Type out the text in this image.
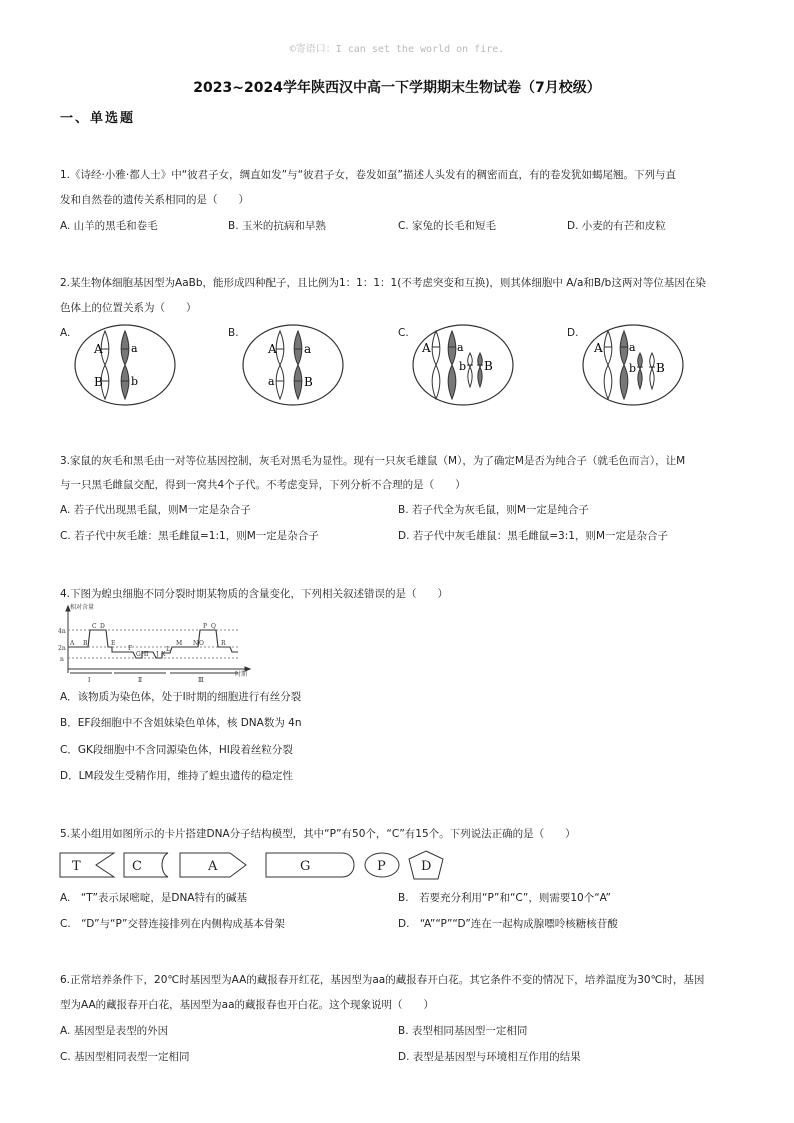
©寄语口：I can set the world on fire.
2023~2024学年陕西汉中高一下学期期末生物试卷（7月校级）
一、单选题
1.《诗经·小雅·都人士》中“彼君子女，绸直如发”与“彼君子女，卷发如虿”描述人头发有的稠密而直，有的卷发犹如蝎尾翘。下列与直
发和自然卷的遗传关系相同的是（　　）
A. 山羊的黑毛和卷毛	B. 玉米的抗病和早熟	C. 家兔的长毛和短毛	D. 小麦的有芒和皮粒
2.某生物体细胞基因型为AaBb，能形成四种配子，且比例为1：1：1：1(不考虑突变和互换)，则其体细胞中 A/a和B/b这两对等位基因在染
色体上的位置关系为（　　）
A.	B.	C.	D.
A	a
B	b
A a
a B
A a
b B
A a
b B
3.家鼠的灰毛和黑毛由一对等位基因控制，灰毛对黑毛为显性。现有一只灰毛雄鼠（M），为了确定M是否为纯合子（就毛色而言），让M
与一只黑毛雌鼠交配，得到一窝共4个子代。不考虑变异，下列分析不合理的是（　　）
A. 若子代出现黑毛鼠，则M一定是杂合子	B. 若子代全为灰毛鼠，则M一定是纯合子
C. 若子代中灰毛雄：黑毛雌鼠=1:1，则M一定是杂合子	D. 若子代中灰毛雄鼠：黑毛雌鼠=3:1，则M一定是杂合子
4.下图为蝗虫细胞不同分裂时期某物质的含量变化，下列相关叙述错误的是（　　）
相对含量
时期
4n
2n
n
A B
C D
E
F
G H I J K
L
M N O
P Q
R
Ⅰ	Ⅱ	Ⅲ
A．该物质为染色体，处于Ⅰ时期的细胞进行有丝分裂
B．EF段细胞中不含姐妹染色单体，核 DNA数为 4n
C．GK段细胞中不含同源染色体，HI段着丝粒分裂
D．LM段发生受精作用，维持了蝗虫遗传的稳定性
5.某小组用如图所示的卡片搭建DNA分子结构模型，其中“P”有50个，“C”有15个。下列说法正确的是（　　）
T	C	A	G	P	D
A.　“T”表示尿嘧啶，是DNA特有的碱基	B.　若要充分利用“P”和“C”，则需要10个“A”
C.　“D”与“P”交替连接排列在内侧构成基本骨架	D.　“A”“P”“D”连在一起构成腺嘌呤核糖核苷酸
6.正常培养条件下，20℃时基因型为AA的藏报春开红花，基因型为aa的藏报春开白花。其它条件不变的情况下，培养温度为30℃时，基因
型为AA的藏报春开白花，基因型为aa的藏报春也开白花。这个现象说明（　　）
A. 基因型是表型的外因	B. 表型相同基因型一定相同
C. 基因型相同表型一定相同	D. 表型是基因型与环境相互作用的结果
